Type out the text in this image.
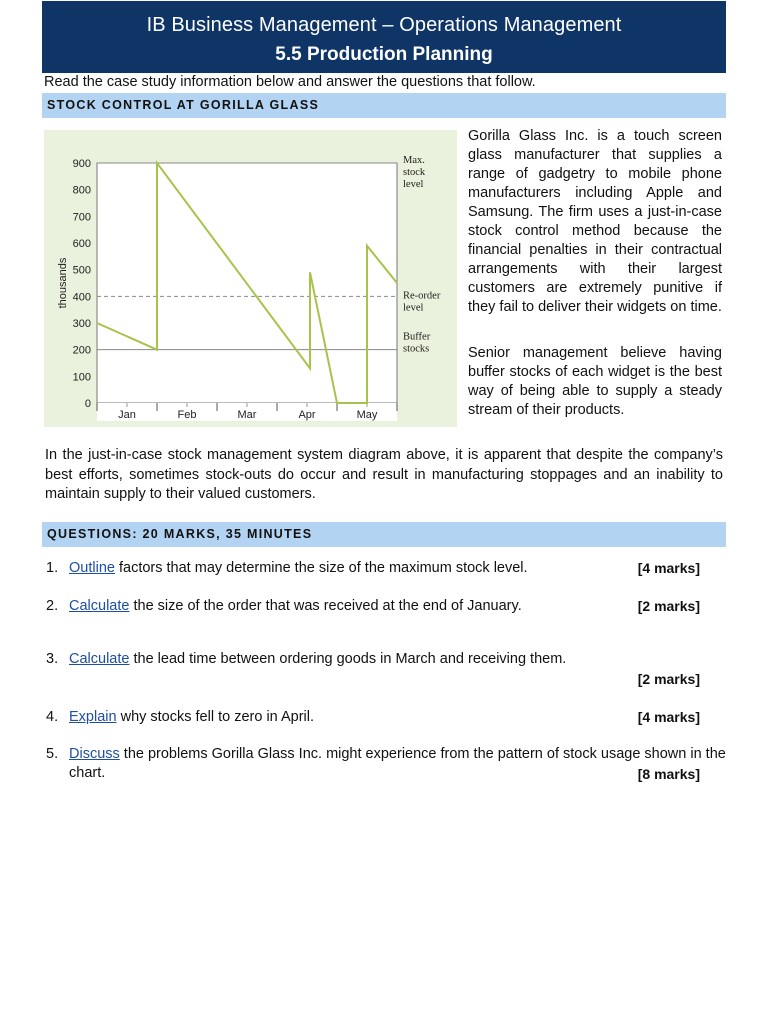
IB Business Management – Operations Management
5.5 Production Planning
Read the case study information below and answer the questions that follow.
STOCK CONTROL AT GORILLA GLASS
Max. stock level
Re-order level
Buffer stocks
0
100
200
300
400
500
600
700
800
900
thousands
Jan	Feb	Mar	Apr	May

Gorilla Glass Inc. is a touch screen glass manufacturer that supplies a range of gadgetry to mobile phone manufacturers including Apple and Samsung. The firm uses a just-in-case stock control method because the financial penalties in their contractual arrangements with their largest customers are extremely punitive if they fail to deliver their widgets on time.

Senior management believe having buffer stocks of each widget is the best way of being able to supply a steady stream of their products.

In the just-in-case stock management system diagram above, it is apparent that despite the company’s best efforts, sometimes stock-outs do occur and result in manufacturing stoppages and an inability to maintain supply to their valued customers.

QUESTIONS: 20 MARKS, 35 MINUTES
1. Outline factors that may determine the size of the maximum stock level.	[4 marks]
2. Calculate the size of the order that was received at the end of January.	[2 marks]
3. Calculate the lead time between ordering goods in March and receiving them.
[2 marks]
4. Explain why stocks fell to zero in April.	[4 marks]
5. Discuss the problems Gorilla Glass Inc. might experience from the pattern of stock usage shown in the chart.	[8 marks]
